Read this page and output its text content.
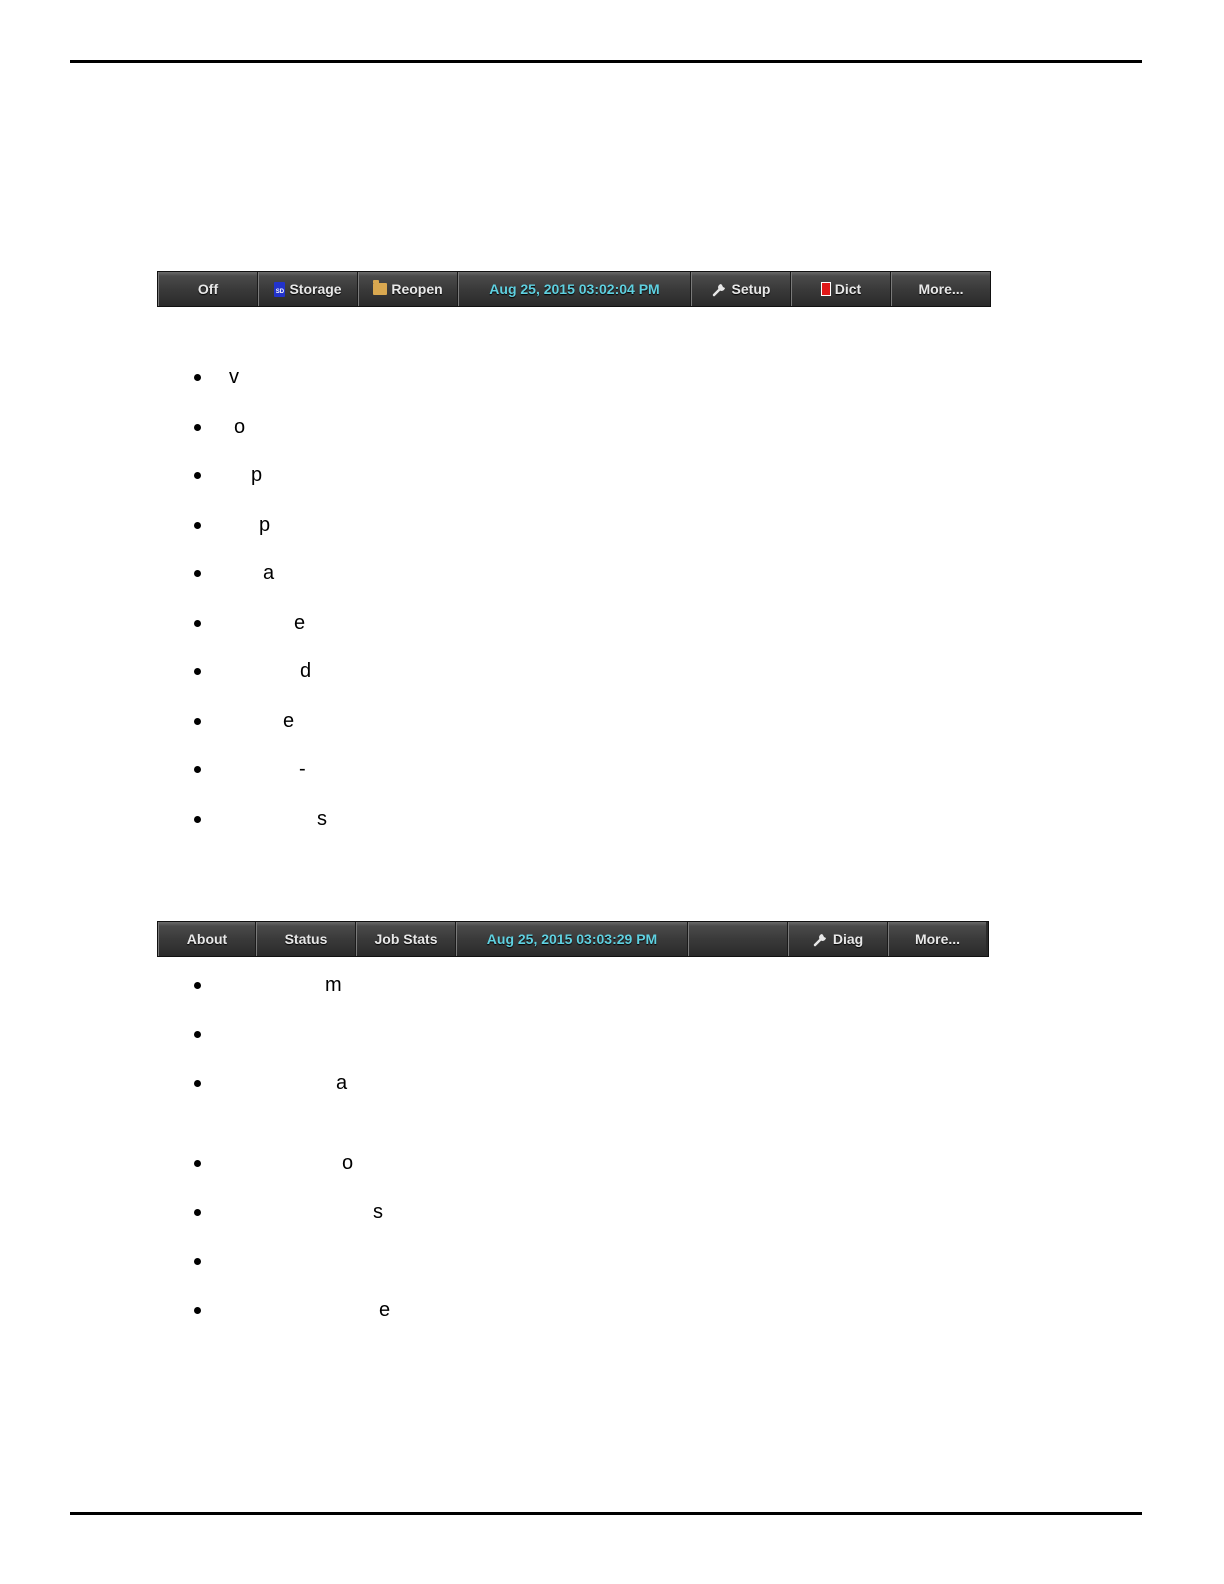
Off
SD	Storage	Reopen	Aug 25, 2015 03:02:04 PM	Setup	Dict	More...
v
o
p
p
a
e
d
e
-
s
About	Status	Job Stats	Aug 25, 2015 03:03:29 PM	Diag	More...
m
a
o
s
e
